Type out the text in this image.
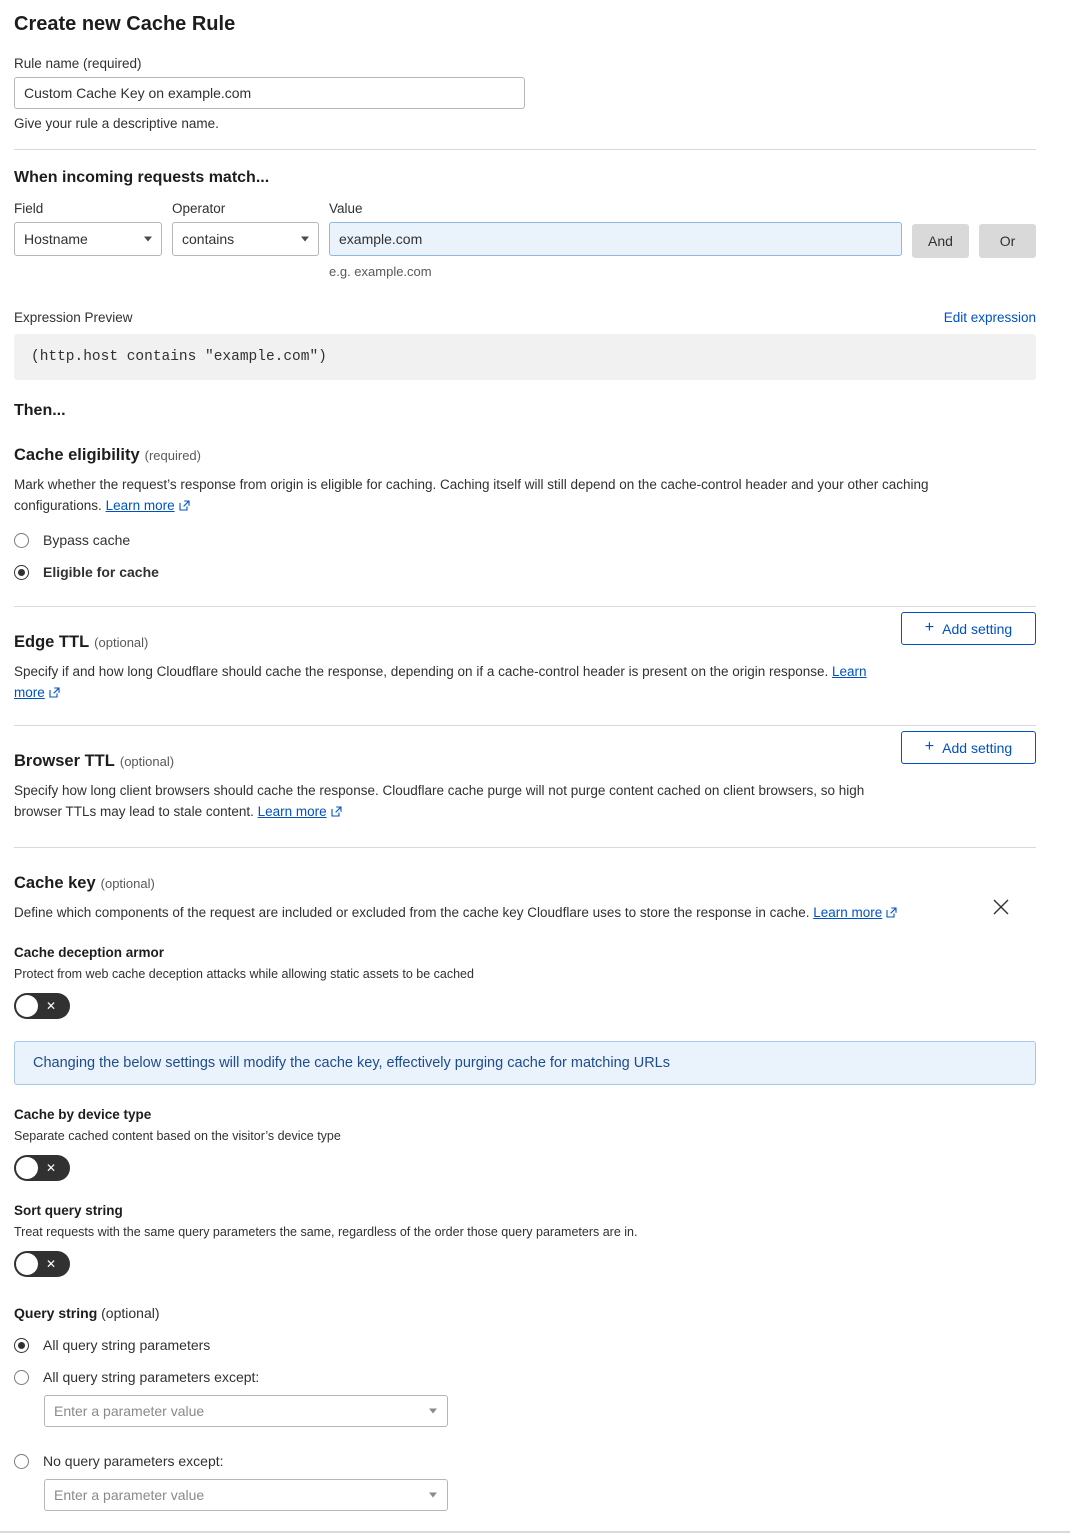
Create new Cache Rule
Rule name (required)
Custom Cache Key on example.com
Give your rule a descriptive name.
When incoming requests match...
Field
Hostname
Operator
contains
Value
example.com
e.g. example.com
And	Or
Expression Preview	Edit expression
(http.host contains "example.com")
Then...
Cache eligibility (required)
Mark whether the request’s response from origin is eligible for caching. Caching itself will still depend on the cache-control header and your other caching configurations. Learn more
Bypass cache
Eligible for cache
Edge TTL (optional)
Specify if and how long Cloudflare should cache the response, depending on if a cache-control header is present on the origin response. Learn more
+ Add setting
Browser TTL (optional)
Specify how long client browsers should cache the response. Cloudflare cache purge will not purge content cached on client browsers, so high browser TTLs may lead to stale content. Learn more
+ Add setting
Cache key (optional)
Define which components of the request are included or excluded from the cache key Cloudflare uses to store the response in cache. Learn more
Cache deception armor
Protect from web cache deception attacks while allowing static assets to be cached
✕
Changing the below settings will modify the cache key, effectively purging cache for matching URLs
Cache by device type
Separate cached content based on the visitor’s device type
✕
Sort query string
Treat requests with the same query parameters the same, regardless of the order those query parameters are in.
✕
Query string (optional)
All query string parameters
All query string parameters except:
Enter a parameter value
No query parameters except:
Enter a parameter value
